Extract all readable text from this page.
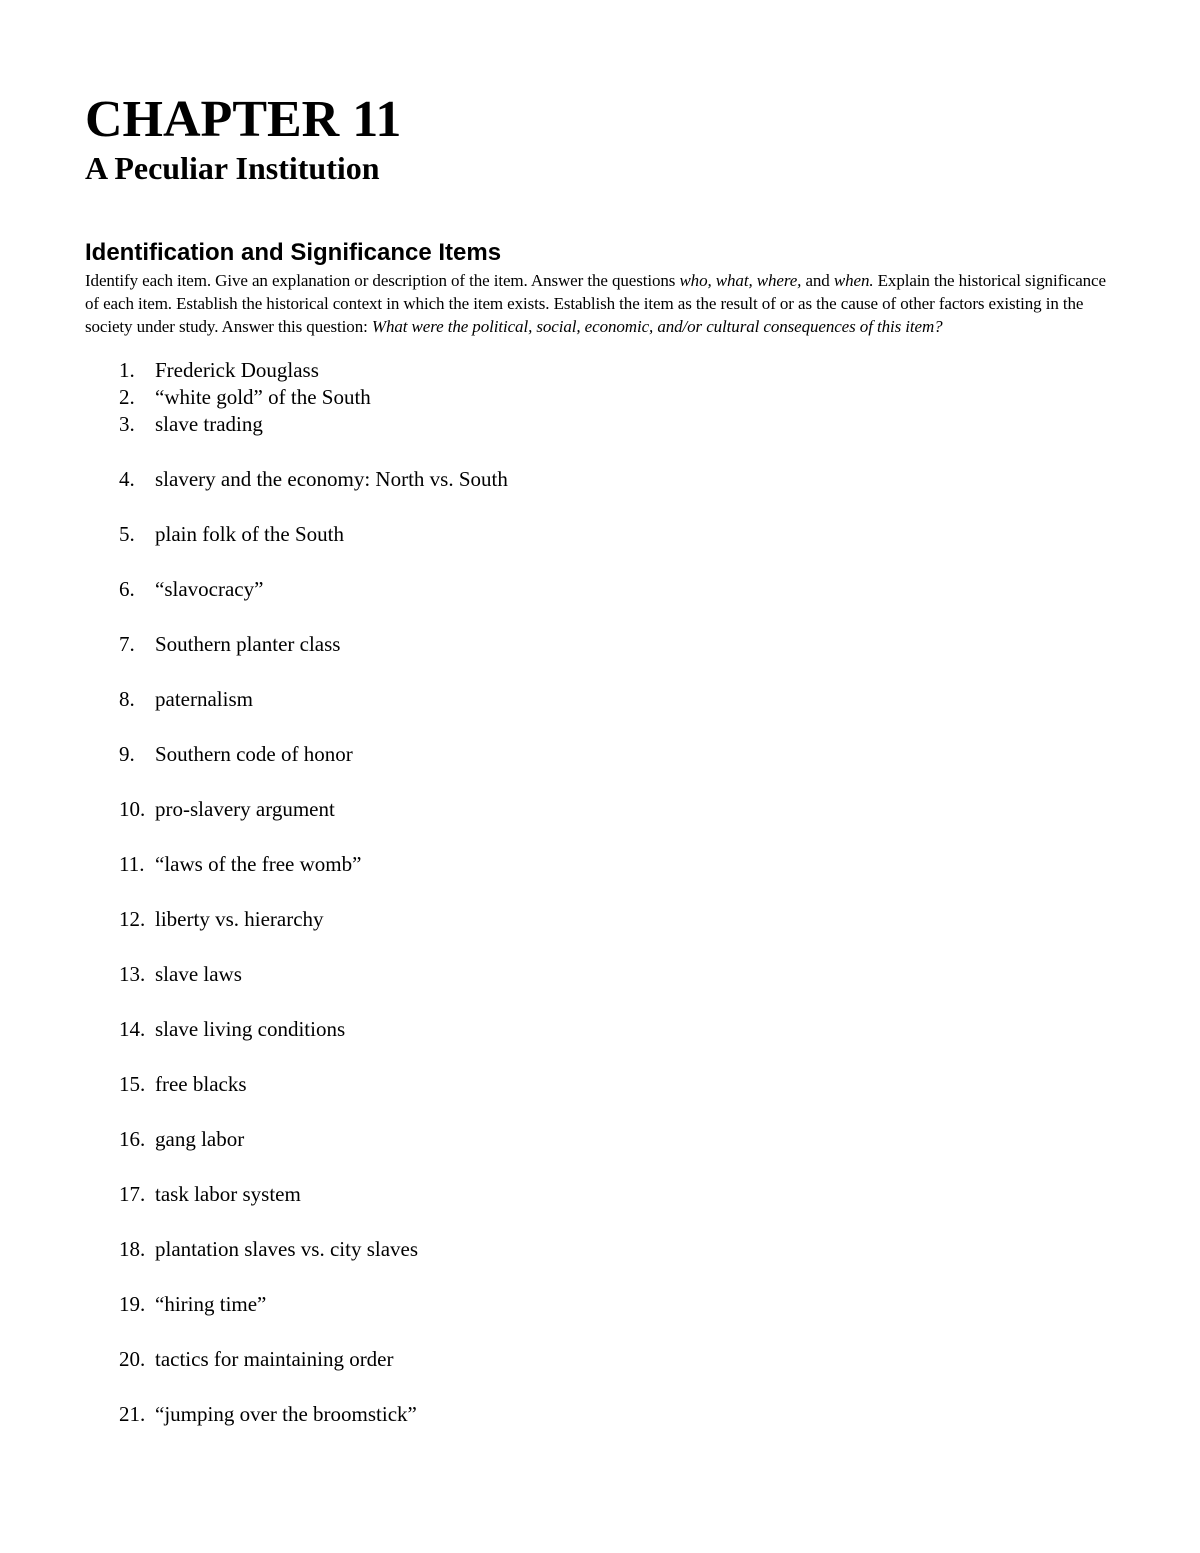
CHAPTER 11
A Peculiar Institution
Identification and Significance Items

Identify each item. Give an explanation or description of the item. Answer the questions who, what, where, and when. Explain the historical significance of each item. Establish the historical context in which the item exists. Establish the item as the result of or as the cause of other factors existing in the society under study. Answer this question: What were the political, social, economic, and/or cultural consequences of this item?

1. Frederick Douglass
2. “white gold” of the South
3. slave trading
4. slavery and the economy: North vs. South
5. plain folk of the South
6. “slavocracy”
7. Southern planter class
8. paternalism
9. Southern code of honor
10. pro-slavery argument
11. “laws of the free womb”
12. liberty vs. hierarchy
13. slave laws
14. slave living conditions
15. free blacks
16. gang labor
17. task labor system
18. plantation slaves vs. city slaves
19. “hiring time”
20. tactics for maintaining order
21. “jumping over the broomstick”
